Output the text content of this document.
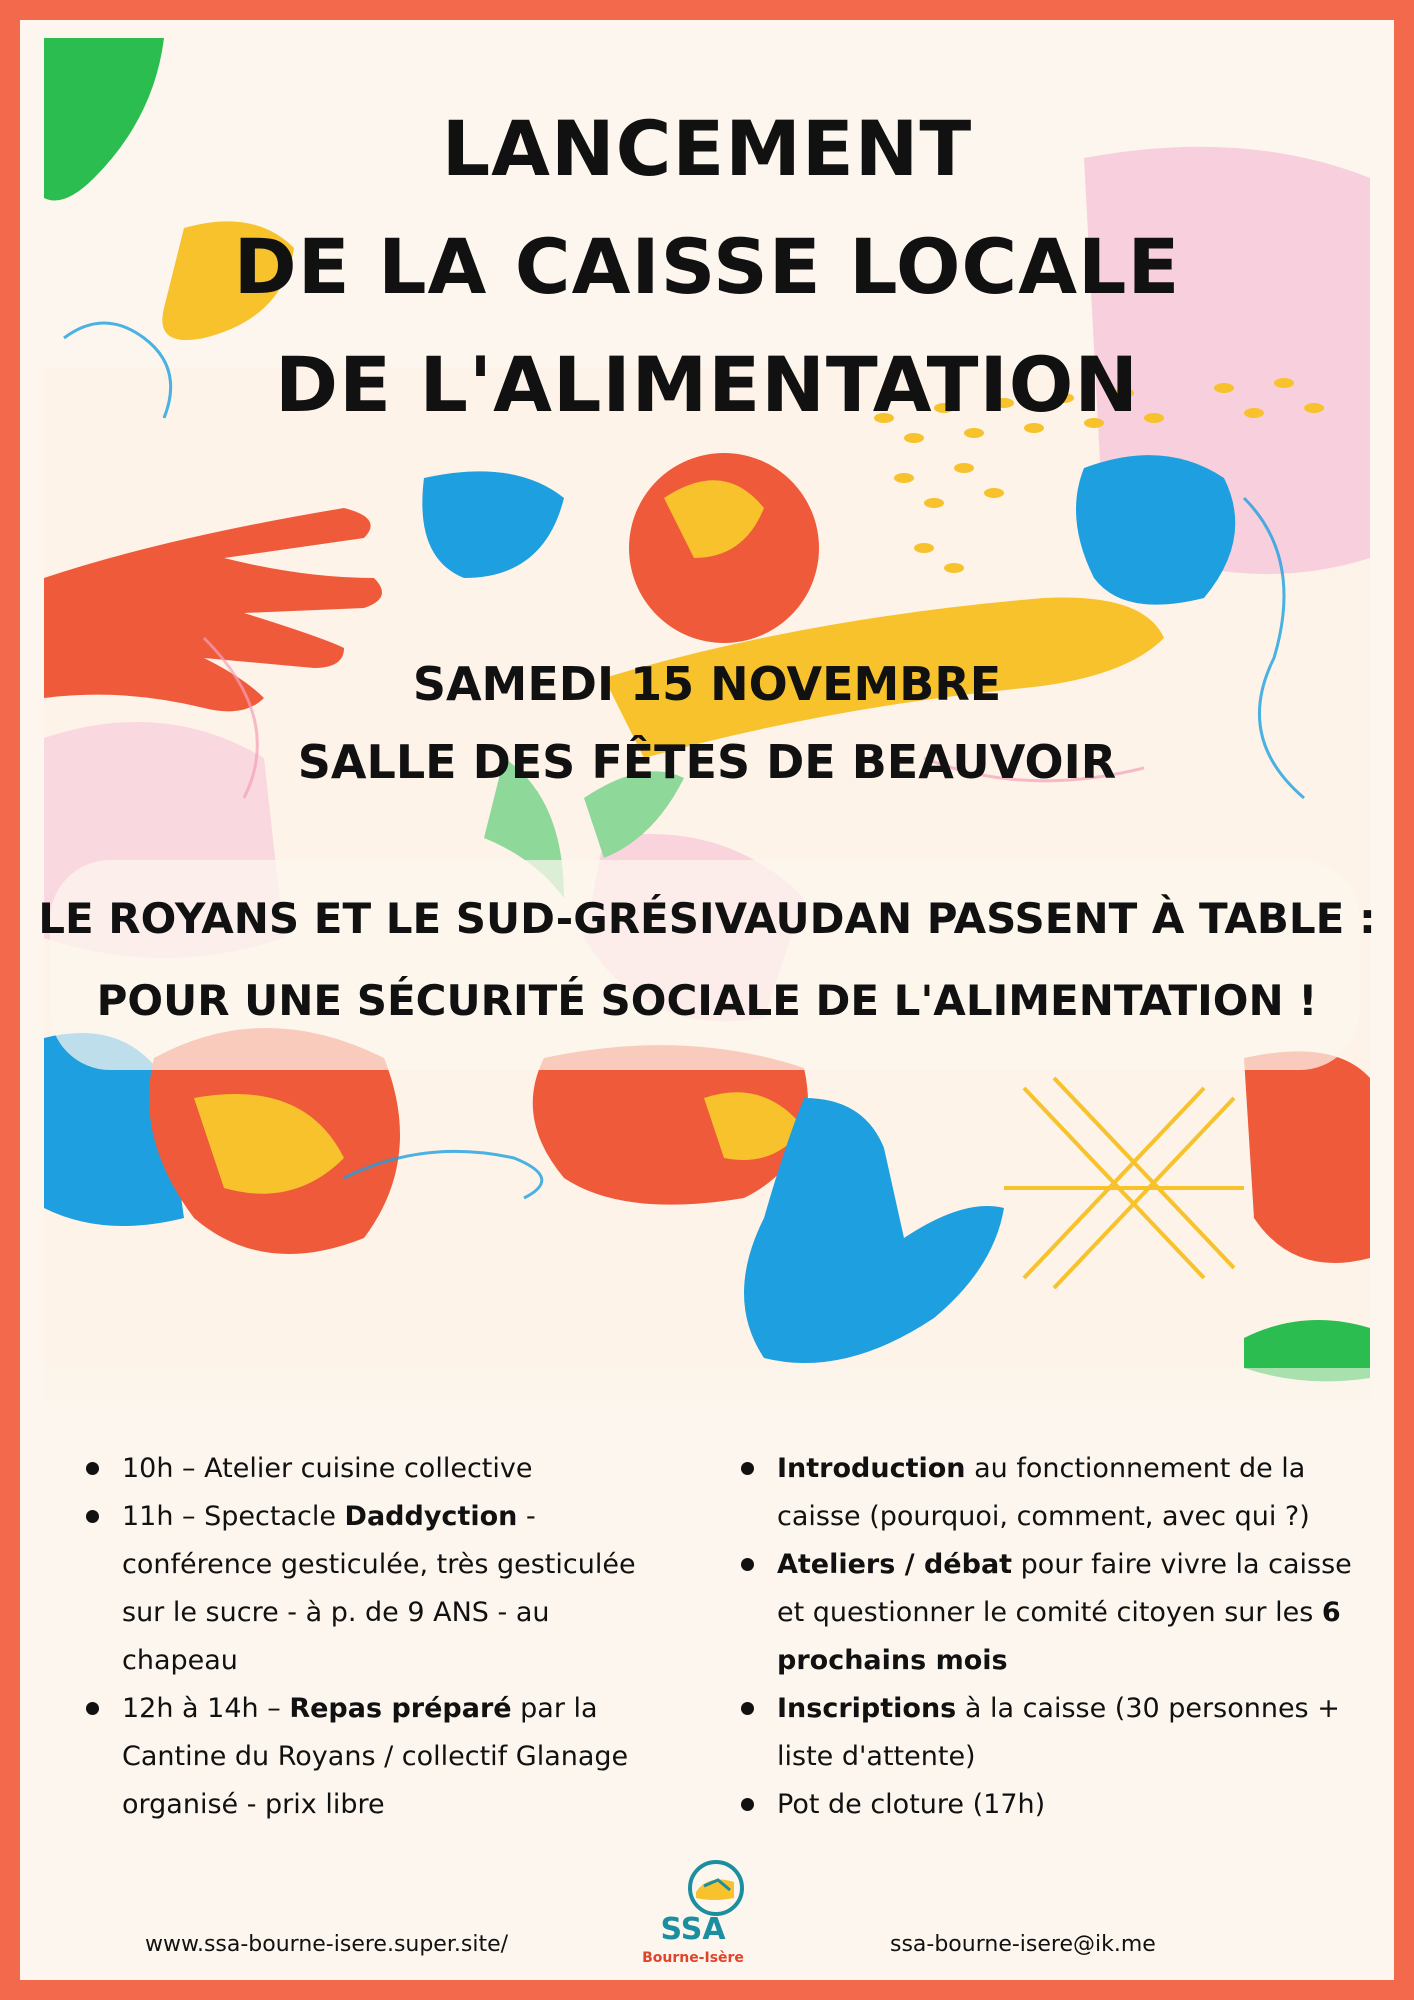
LANCEMENT
DE LA CAISSE LOCALE
DE L'ALIMENTATION
SAMEDI 15 NOVEMBRE
SALLE DES FÊTES DE BEAUVOIR
LE ROYANS ET LE SUD-GRÉSIVAUDAN PASSENT À TABLE :
POUR UNE SÉCURITÉ SOCIALE DE L'ALIMENTATION !
10h – Atelier cuisine collective
11h – Spectacle Daddyction - conférence gesticulée, très gesticulée sur le sucre - à p. de 9 ANS - au chapeau
12h à 14h – Repas préparé par la Cantine du Royans / collectif Glanage organisé - prix libre
Introduction au fonctionnement de la caisse (pourquoi, comment, avec qui ?)
Ateliers / débat pour faire vivre la caisse et questionner le comité citoyen sur les 6 prochains mois
Inscriptions à la caisse (30 personnes + liste d'attente)
Pot de cloture (17h)
www.ssa-bourne-isere.super.site/	SSA
Bourne-Isère
ssa-bourne-isere@ik.me
